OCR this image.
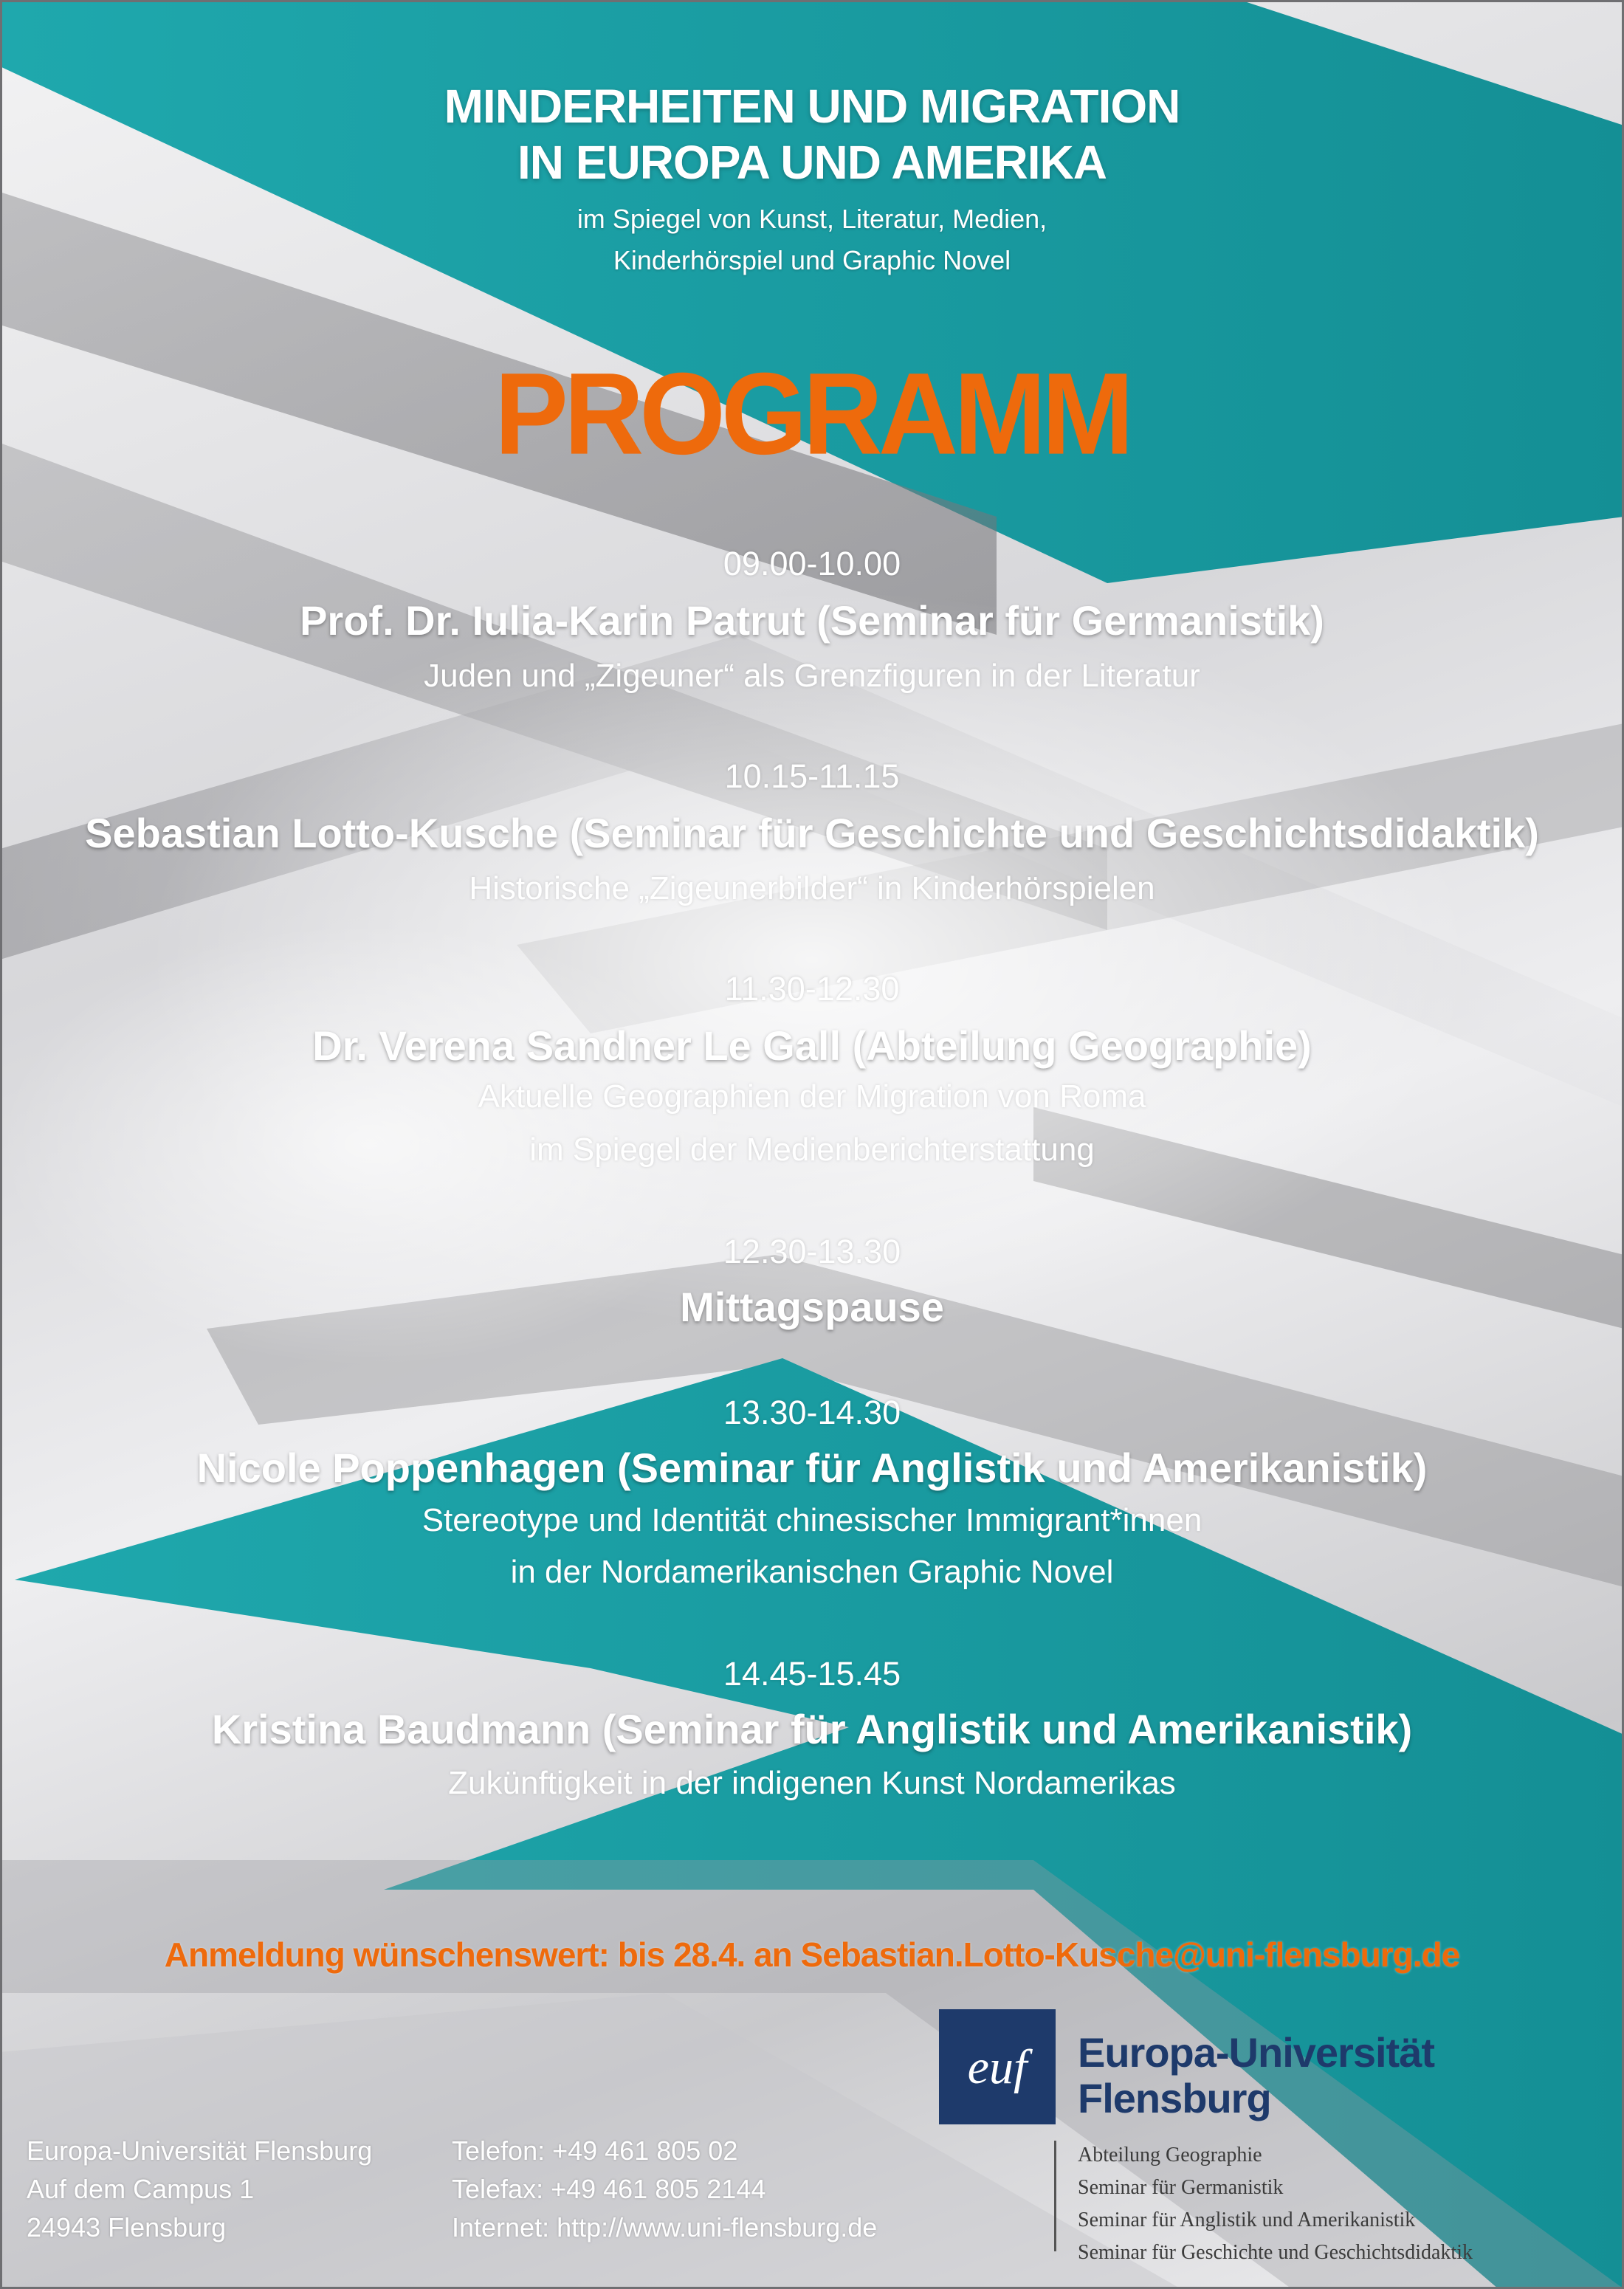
MINDERHEITEN UND MIGRATION
IN EUROPA UND AMERIKA
im Spiegel von Kunst, Literatur, Medien,
Kinderhörspiel und Graphic Novel
PROGRAMM
09.00-10.00
Prof. Dr. Iulia-Karin Patrut (Seminar für Germanistik)
Juden und „Zigeuner“ als Grenzfiguren in der Literatur
10.15-11.15
Sebastian Lotto-Kusche (Seminar für Geschichte und Geschichtsdidaktik)
Historische „Zigeunerbilder“ in Kinderhörspielen
11.30-12.30
Dr. Verena Sandner Le Gall (Abteilung Geographie)
Aktuelle Geographien der Migration von Roma
im Spiegel der Medienberichterstattung
12.30-13.30
Mittagspause
13.30-14.30
Nicole Poppenhagen (Seminar für Anglistik und Amerikanistik)
Stereotype und Identität chinesischer Immigrant*innen
in der Nordamerikanischen Graphic Novel
14.45-15.45
Kristina Baudmann (Seminar für Anglistik und Amerikanistik)
Zukünftigkeit in der indigenen Kunst Nordamerikas
Anmeldung wünschenswert: bis 28.4. an Sebastian.Lotto-Kusche@uni-flensburg.de
euf Europa-Universität
Flensburg
Abteilung Geographie
Seminar für Germanistik
Seminar für Anglistik und Amerikanistik
Seminar für Geschichte und Geschichtsdidaktik
Europa-Universität Flensburg
Auf dem Campus 1
24943 Flensburg
Telefon: +49 461 805 02
Telefax: +49 461 805 2144
Internet: http://www.uni-flensburg.de
